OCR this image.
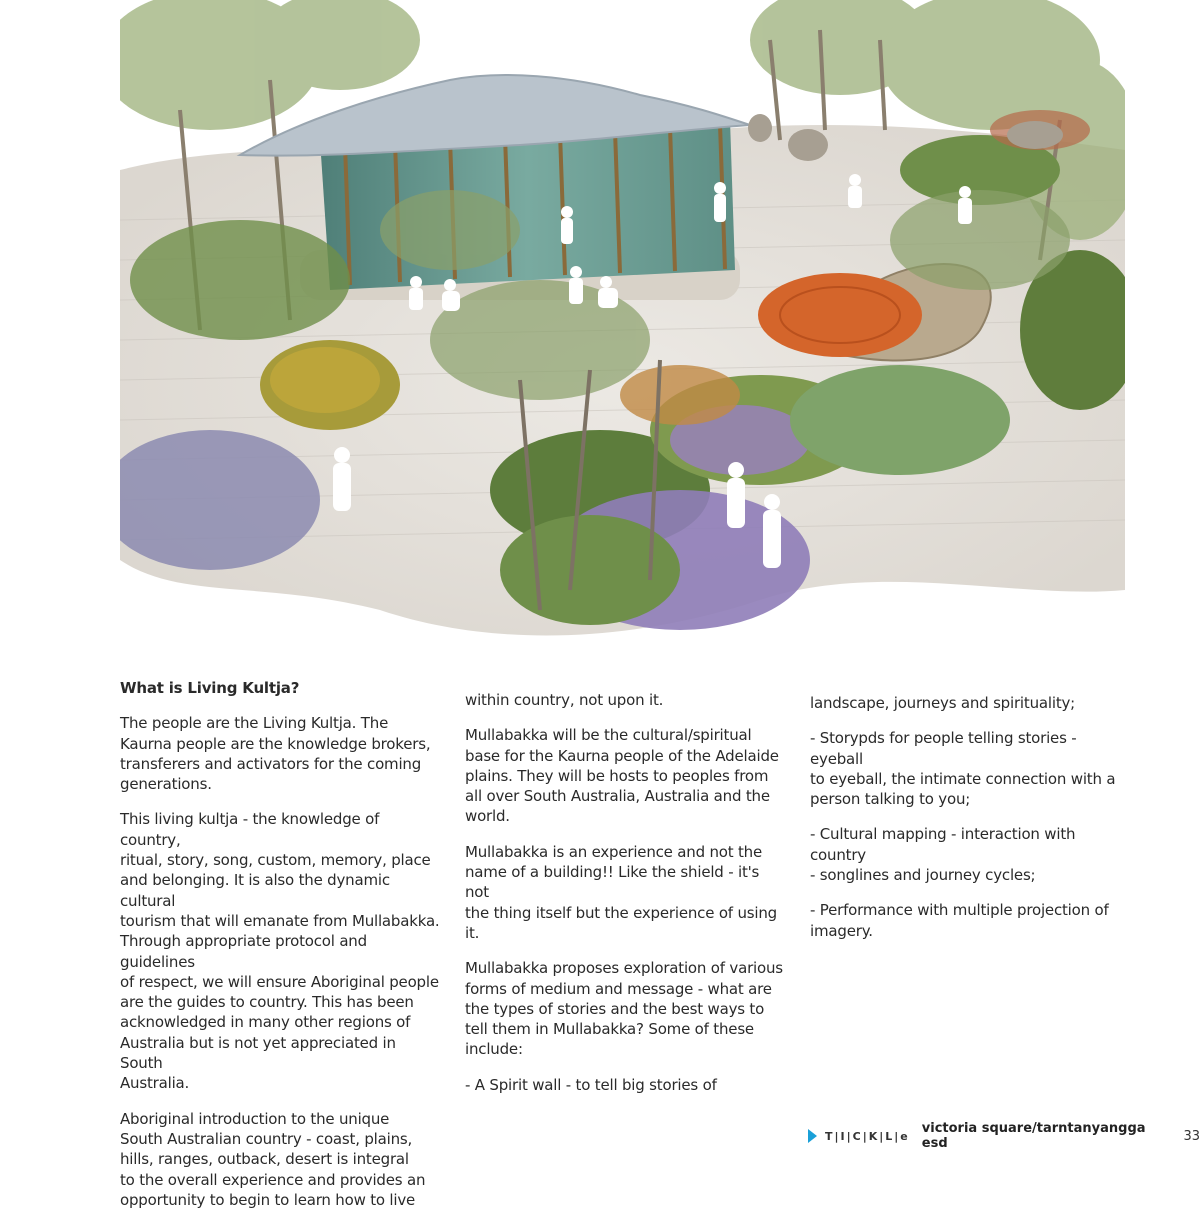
What is Living Kultja?

The people are the Living Kultja. The
Kaurna people are the knowledge brokers,
transferers and activators for the coming
generations.

This living kultja - the knowledge of country,
ritual, story, song, custom, memory, place
and belonging. It is also the dynamic cultural
tourism that will emanate from Mullabakka.
Through appropriate protocol and guidelines
of respect, we will ensure Aboriginal people
are the guides to country. This has been
acknowledged in many other regions of
Australia but is not yet appreciated in South
Australia.

Aboriginal introduction to the unique
South Australian country - coast, plains,
hills, ranges, outback, desert is integral
to the overall experience and provides an
opportunity to begin to learn how to live

within country, not upon it.

Mullabakka will be the cultural/spiritual
base for the Kaurna people of the Adelaide
plains. They will be hosts to peoples from
all over South Australia, Australia and the
world.

Mullabakka is an experience and not the
name of a building!! Like the shield - it's not
the thing itself but the experience of using it.

Mullabakka proposes exploration of various
forms of medium and message - what are
the types of stories and the best ways to
tell them in Mullabakka? Some of these
include:

- A Spirit wall - to tell big stories of

landscape, journeys and spirituality;

- Storypds for people telling stories - eyeball
to eyeball, the intimate connection with a
person talking to you;

- Cultural mapping - interaction with country
- songlines and journey cycles;

- Performance with multiple projection of
imagery.

T|I|C|K|L|e victoria square/tarntanyangga esd	33
